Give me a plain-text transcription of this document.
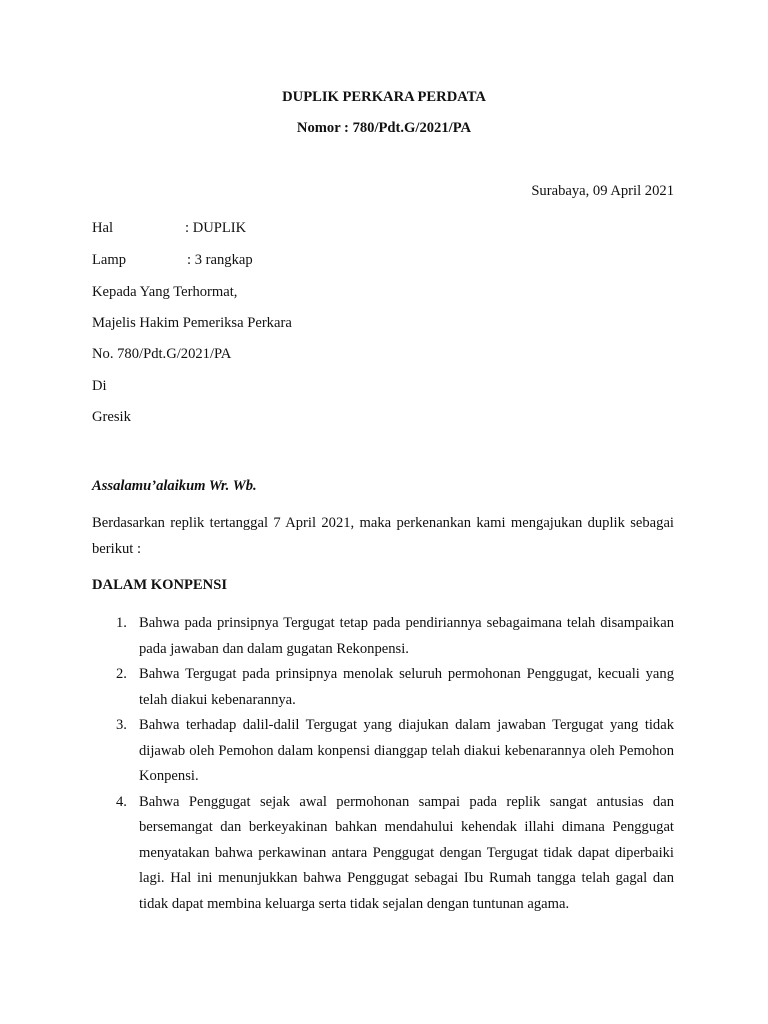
DUPLIK PERKARA PERDATA
Nomor : 780/Pdt.G/2021/PA
Surabaya, 09 April 2021
Hal	: DUPLIK
Lamp	: 3 rangkap
Kepada Yang Terhormat,
Majelis Hakim Pemeriksa Perkara
No. 780/Pdt.G/2021/PA
Di
Gresik
Assalamu’alaikum Wr. Wb.
Berdasarkan replik tertanggal 7 April 2021, maka perkenankan kami mengajukan duplik sebagai berikut :
DALAM KONPENSI
1. Bahwa pada prinsipnya Tergugat tetap pada pendiriannya sebagaimana telah disampaikan pada jawaban dan dalam gugatan Rekonpensi.
2. Bahwa Tergugat pada prinsipnya menolak seluruh permohonan Penggugat, kecuali yang telah diakui kebenarannya.
3. Bahwa terhadap dalil-dalil Tergugat yang diajukan dalam jawaban Tergugat yang tidak dijawab oleh Pemohon dalam konpensi dianggap telah diakui kebenarannya oleh Pemohon Konpensi.
4. Bahwa Penggugat sejak awal permohonan sampai pada replik sangat antusias dan bersemangat dan berkeyakinan bahkan mendahului kehendak illahi dimana Penggugat menyatakan bahwa perkawinan antara Penggugat dengan Tergugat tidak dapat diperbaiki lagi. Hal ini menunjukkan bahwa Penggugat sebagai Ibu Rumah tangga telah gagal dan tidak dapat membina keluarga serta tidak sejalan dengan tuntunan agama.
